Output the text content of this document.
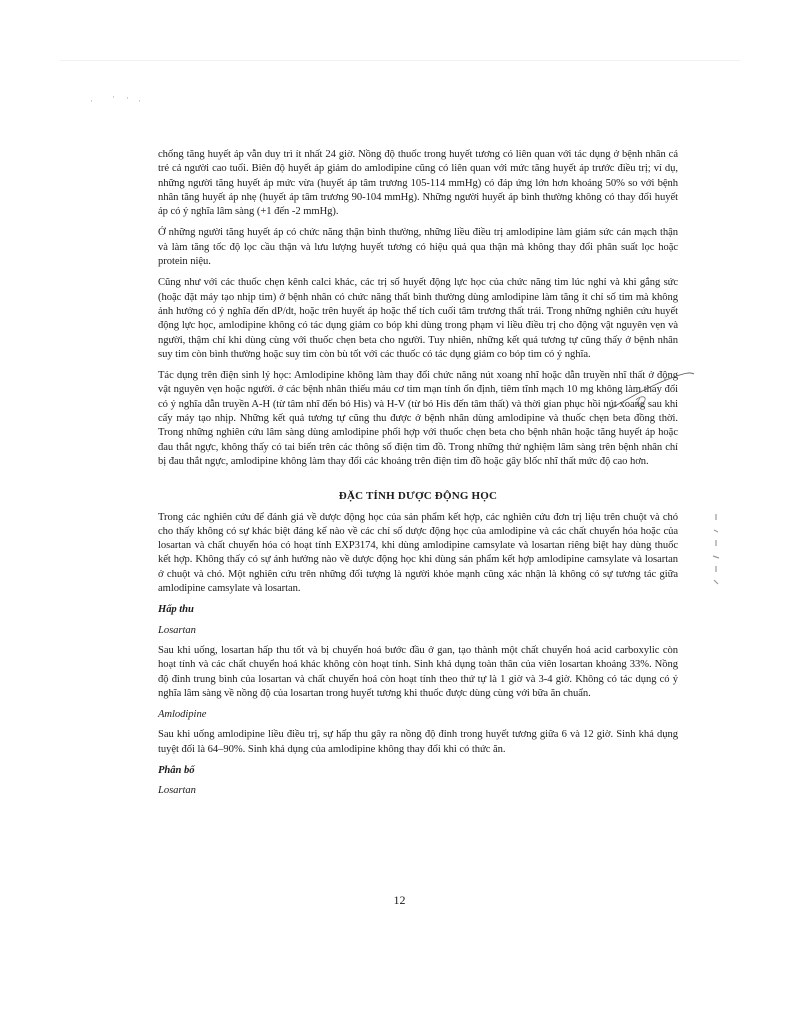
· · · ·

chống tăng huyết áp vẫn duy trì ít nhất 24 giờ. Nồng độ thuốc trong huyết tương có liên quan với tác dụng ở bệnh nhân cả trẻ cả người cao tuổi. Biên độ huyết áp giảm do amlodipine cũng có liên quan với mức tăng huyết áp trước điều trị; ví dụ, những người tăng huyết áp mức vừa (huyết áp tâm trương 105-114 mmHg) có đáp ứng lớn hơn khoảng 50% so với bệnh nhân tăng huyết áp nhẹ (huyết áp tâm trương 90-104 mmHg). Những người huyết áp bình thường không có thay đổi huyết áp có ý nghĩa lâm sàng (+1 đến -2 mmHg).

Ở những người tăng huyết áp có chức năng thận bình thường, những liều điều trị amlodipine làm giảm sức cản mạch thận và làm tăng tốc độ lọc cầu thận và lưu lượng huyết tương có hiệu quả qua thận mà không thay đổi phân suất lọc hoặc protein niệu.

Cũng như với các thuốc chẹn kênh calci khác, các trị số huyết động lực học của chức năng tim lúc nghỉ và khi gắng sức (hoặc đặt máy tạo nhịp tim) ở bệnh nhân có chức năng thất bình thường dùng amlodipine làm tăng ít chỉ số tim mà không ảnh hưởng có ý nghĩa đến dP/dt, hoặc trên huyết áp hoặc thể tích cuối tâm trương thất trái. Trong những nghiên cứu huyết động lực học, amlodipine không có tác dụng giảm co bóp khi dùng trong phạm vi liều điều trị cho động vật nguyên vẹn và người, thậm chí khi dùng cùng với thuốc chẹn beta cho người. Tuy nhiên, những kết quả tương tự cũng thấy ở bệnh nhân suy tim còn bình thường hoặc suy tim còn bù tốt với các thuốc có tác dụng giảm co bóp tim có ý nghĩa.

Tác dụng trên điện sinh lý học: Amlodipine không làm thay đổi chức năng nút xoang nhĩ hoặc dẫn truyền nhĩ thất ở động vật nguyên vẹn hoặc người. ở các bệnh nhân thiếu máu cơ tim mạn tính ổn định, tiêm tĩnh mạch 10 mg không làm thay đổi có ý nghĩa dẫn truyền A-H (từ tâm nhĩ đến bó His) và H-V (từ bó His đến tâm thất) và thời gian phục hồi nút xoang sau khi cấy máy tạo nhịp. Những kết quả tương tự cũng thu được ở bệnh nhân dùng amlodipine và thuốc chẹn beta đồng thời. Trong những nghiên cứu lâm sàng dùng amlodipine phối hợp với thuốc chẹn beta cho bệnh nhân hoặc tăng huyết áp hoặc đau thắt ngực, không thấy có tai biến trên các thông số điện tim đồ. Trong những thử nghiệm lâm sàng trên bệnh nhân chỉ bị đau thắt ngực, amlodipine không làm thay đổi các khoảng trên điện tim đồ hoặc gây blốc nhĩ thất mức độ cao hơn.

ĐẶC TÍNH DƯỢC ĐỘNG HỌC

Trong các nghiên cứu để đánh giá về dược động học của sản phẩm kết hợp, các nghiên cứu đơn trị liệu trên chuột và chó cho thấy không có sự khác biệt đáng kể nào về các chỉ số dược động học của amlodipine và các chất chuyển hóa hoặc của losartan và chất chuyển hóa có hoạt tính EXP3174, khi dùng amlodipine camsylate và losartan riêng biệt hay dùng thuốc kết hợp. Không thấy có sự ảnh hưởng nào về dược động học khi dùng sản phẩm kết hợp amlodipine camsylate và losartan ở chuột và chó. Một nghiên cứu trên những đối tượng là người khỏe mạnh cũng xác nhận là không có sự tương tác giữa amlodipine camsylate và losartan.

Hấp thu
Losartan

Sau khi uống, losartan hấp thu tốt và bị chuyển hoá bước đầu ở gan, tạo thành một chất chuyển hoá acid carboxylic còn hoạt tính và các chất chuyển hoá khác không còn hoạt tính. Sinh khả dụng toàn thân của viên losartan khoảng 33%. Nồng độ đỉnh trung bình của losartan và chất chuyển hoá còn hoạt tính theo thứ tự là 1 giờ và 3-4 giờ. Không có tác dụng có ý nghĩa lâm sàng về nồng độ của losartan trong huyết tương khi thuốc được dùng cùng với bữa ăn chuẩn.

Amlodipine

Sau khi uống amlodipine liều điều trị, sự hấp thu gây ra nồng độ đỉnh trong huyết tương giữa 6 và 12 giờ. Sinh khả dụng tuyệt đối là 64–90%. Sinh khả dụng của amlodipine không thay đổi khi có thức ăn.

Phân bố
Losartan
12
